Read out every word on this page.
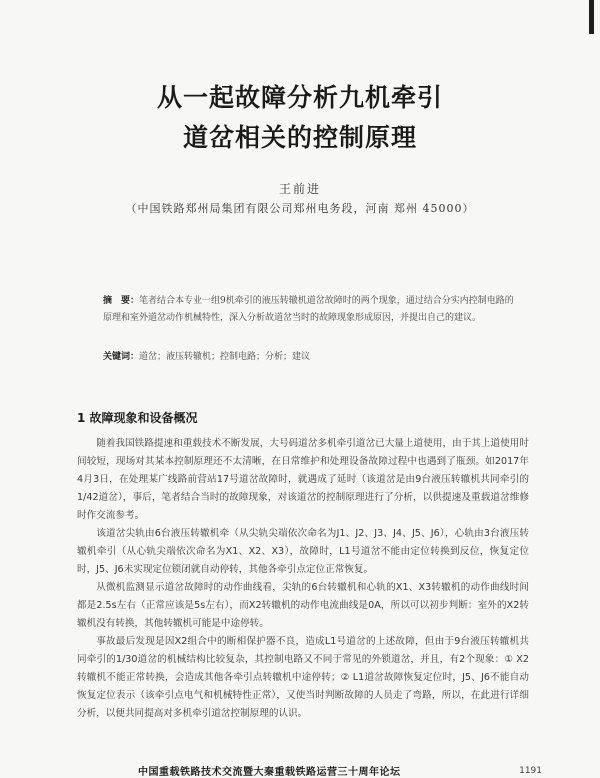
从一起故障分析九机牵引
道岔相关的控制原理
王前进
（中国铁路郑州局集团有限公司郑州电务段，河南 郑州 45000）
摘　要：笔者结合本专业一组9机牵引的液压转辙机道岔故障时的两个现象，通过结合分实内控制电路的原理和室外道岔动作机械特性，深入分析故道岔当时的故障现象形成原因，并提出自己的建议。
关键词：道岔；液压转辙机；控制电路；分析；建议
1 故障现象和设备概况

随着我国铁路提速和重载技术不断发展，大号码道岔多机牵引道岔已大量上道使用，由于其上道使用时间较短，现场对其某本控制原理还不太清晰，在日常维护和处理设备故障过程中也遇到了瓶颈。如2017年4月3日，在处理某广线路前营站17号道岔故障时，就遇成了延时（该道岔是由9台液压转辙机共同牵引的1/42道岔），事后，笔者结合当时的故障现象，对该道岔的控制原理进行了分析，以供提速及重载道岔维修时作交流参考。

该道岔尖轨由6台液压转辙机牵（从尖轨尖端依次命名为J1、J2、J3、J4、J5、J6），心轨由3台液压转辙机牵引（从心轨尖端依次命名为X1、X2、X3），故障时，L1号道岔不能由定位转换到反位，恢复定位时，J5、J6未实现定位锁闭就自动停转，其他各牵引点定位正常恢复。

从微机监测显示道岔故障时的动作曲线看，尖轨的6台转辙机和心轨的X1、X3转辙机的动作曲线时间都是2.5s左右（正常应该是5s左右），而X2转辙机的动作电流曲线是0A，所以可以初步判断：室外的X2转辙机没有转换，其他转辙机可能是中途停转。

事故最后发现是因X2组合中的断相保护器不良，造成L1号道岔的上述故障，但由于9台液压转辙机共同牵引的1/30道岔的机械结构比较复杂，其控制电路又不同于常见的外锁道岔，并且，有2个现象：① X2转辙机不能正常转换，会造成其他各牵引点转辙机中途停转；② L1道岔故障恢复定位时，J5、J6不能自动恢复定位表示（该牵引点电气和机械特性正常），又使当时判断故障的人员走了弯路，所以，在此进行详细分析，以便共同提高对多机牵引道岔控制原理的认识。

中国重载铁路技术交流暨大秦重载铁路运营三十周年论坛	1191
